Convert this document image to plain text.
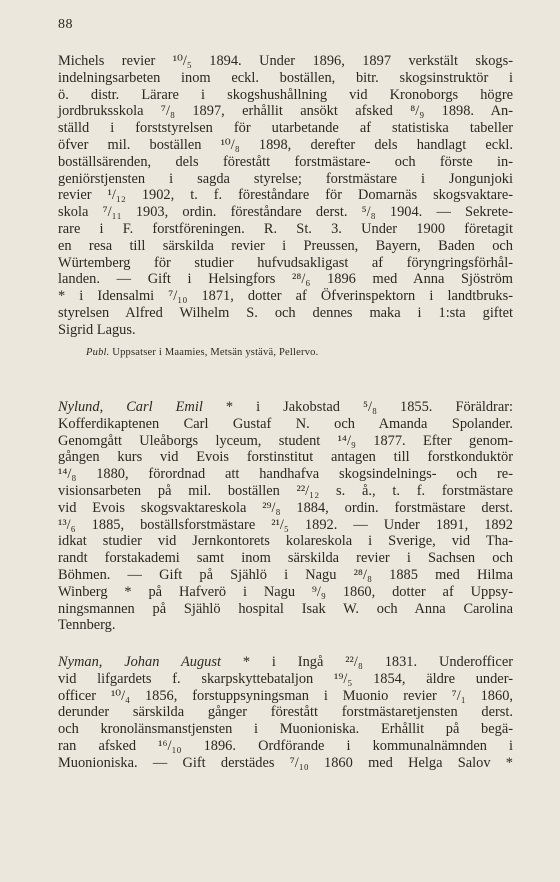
88
Michels revier ¹⁰/₅ 1894. Under 1896, 1897 verkstält skogs-
indelningsarbeten inom eckl. boställen, bitr. skogsinstruktör i
ö. distr. Lärare i skogshushållning vid Kronoborgs högre
jordbruksskola ⁷/₈ 1897, erhållit ansökt afsked ⁸/₉ 1898. An-
ställd i forststyrelsen för utarbetande af statistiska tabeller
öfver mil. boställen ¹⁰/₈ 1898, derefter dels handlagt eckl.
boställsärenden, dels förestått forstmästare- och förste in-
geniörstjensten i sagda styrelse; forstmästare i Jongunjoki
revier ¹/₁₂ 1902, t. f. föreståndare för Domarnäs skogsvaktare-
skola ⁷/₁₁ 1903, ordin. föreståndare derst. ⁵/₈ 1904. — Sekrete-
rare i F. forstföreningen. R. St. 3. Under 1900 företagit
en resa till särskilda revier i Preussen, Bayern, Baden och
Würtemberg för studier hufvudsakligast af föryngringsförhål-
landen. — Gift i Helsingfors ²⁸/₆ 1896 med Anna Sjöström
* i Idensalmi ⁷/₁₀ 1871, dotter af Öfverinspektorn i landtbruks-
styrelsen Alfred Wilhelm S. och dennes maka i 1:sta giftet
Sigrid Lagus.
Publ. Uppsatser i Maamies, Metsän ystävä, Pellervo.
Nylund, Carl Emil * i Jakobstad ⁵/₈ 1855. Föräldrar:
Kofferdikaptenen Carl Gustaf N. och Amanda Spolander.
Genomgått Uleåborgs lyceum, student ¹⁴/₉ 1877. Efter genom-
gången kurs vid Evois forstinstitut antagen till forstkonduktör
¹⁴/₈ 1880, förordnad att handhafva skogsindelnings- och re-
visionsarbeten på mil. boställen ²²/₁₂ s. å., t. f. forstmästare
vid Evois skogsvaktareskola ²⁹/₈ 1884, ordin. forstmästare derst.
¹³/₆ 1885, boställsforstmästare ²¹/₅ 1892. — Under 1891, 1892
idkat studier vid Jernkontorets kolareskola i Sverige, vid Tha-
randt forstakademi samt inom särskilda revier i Sachsen och
Böhmen. — Gift på Sjählö i Nagu ²⁸/₈ 1885 med Hilma
Winberg * på Hafverö i Nagu ⁹/₉ 1860, dotter af Uppsy-
ningsmannen på Sjählö hospital Isak W. och Anna Carolina
Tennberg.
Nyman, Johan August * i Ingå ²²/₈ 1831. Underofficer
vid lifgardets f. skarpskyttebataljon ¹⁹/₅ 1854, äldre under-
officer ¹⁰/₄ 1856, forstuppsyningsman i Muonio revier ⁷/₁ 1860,
derunder särskilda gånger förestått forstmästaretjensten derst.
och kronolänsmanstjensten i Muonioniska. Erhållit på begä-
ran afsked ¹⁶/₁₀ 1896. Ordförande i kommunalnämnden i
Muonioniska. — Gift derstädes ⁷/₁₀ 1860 med Helga Salov *
